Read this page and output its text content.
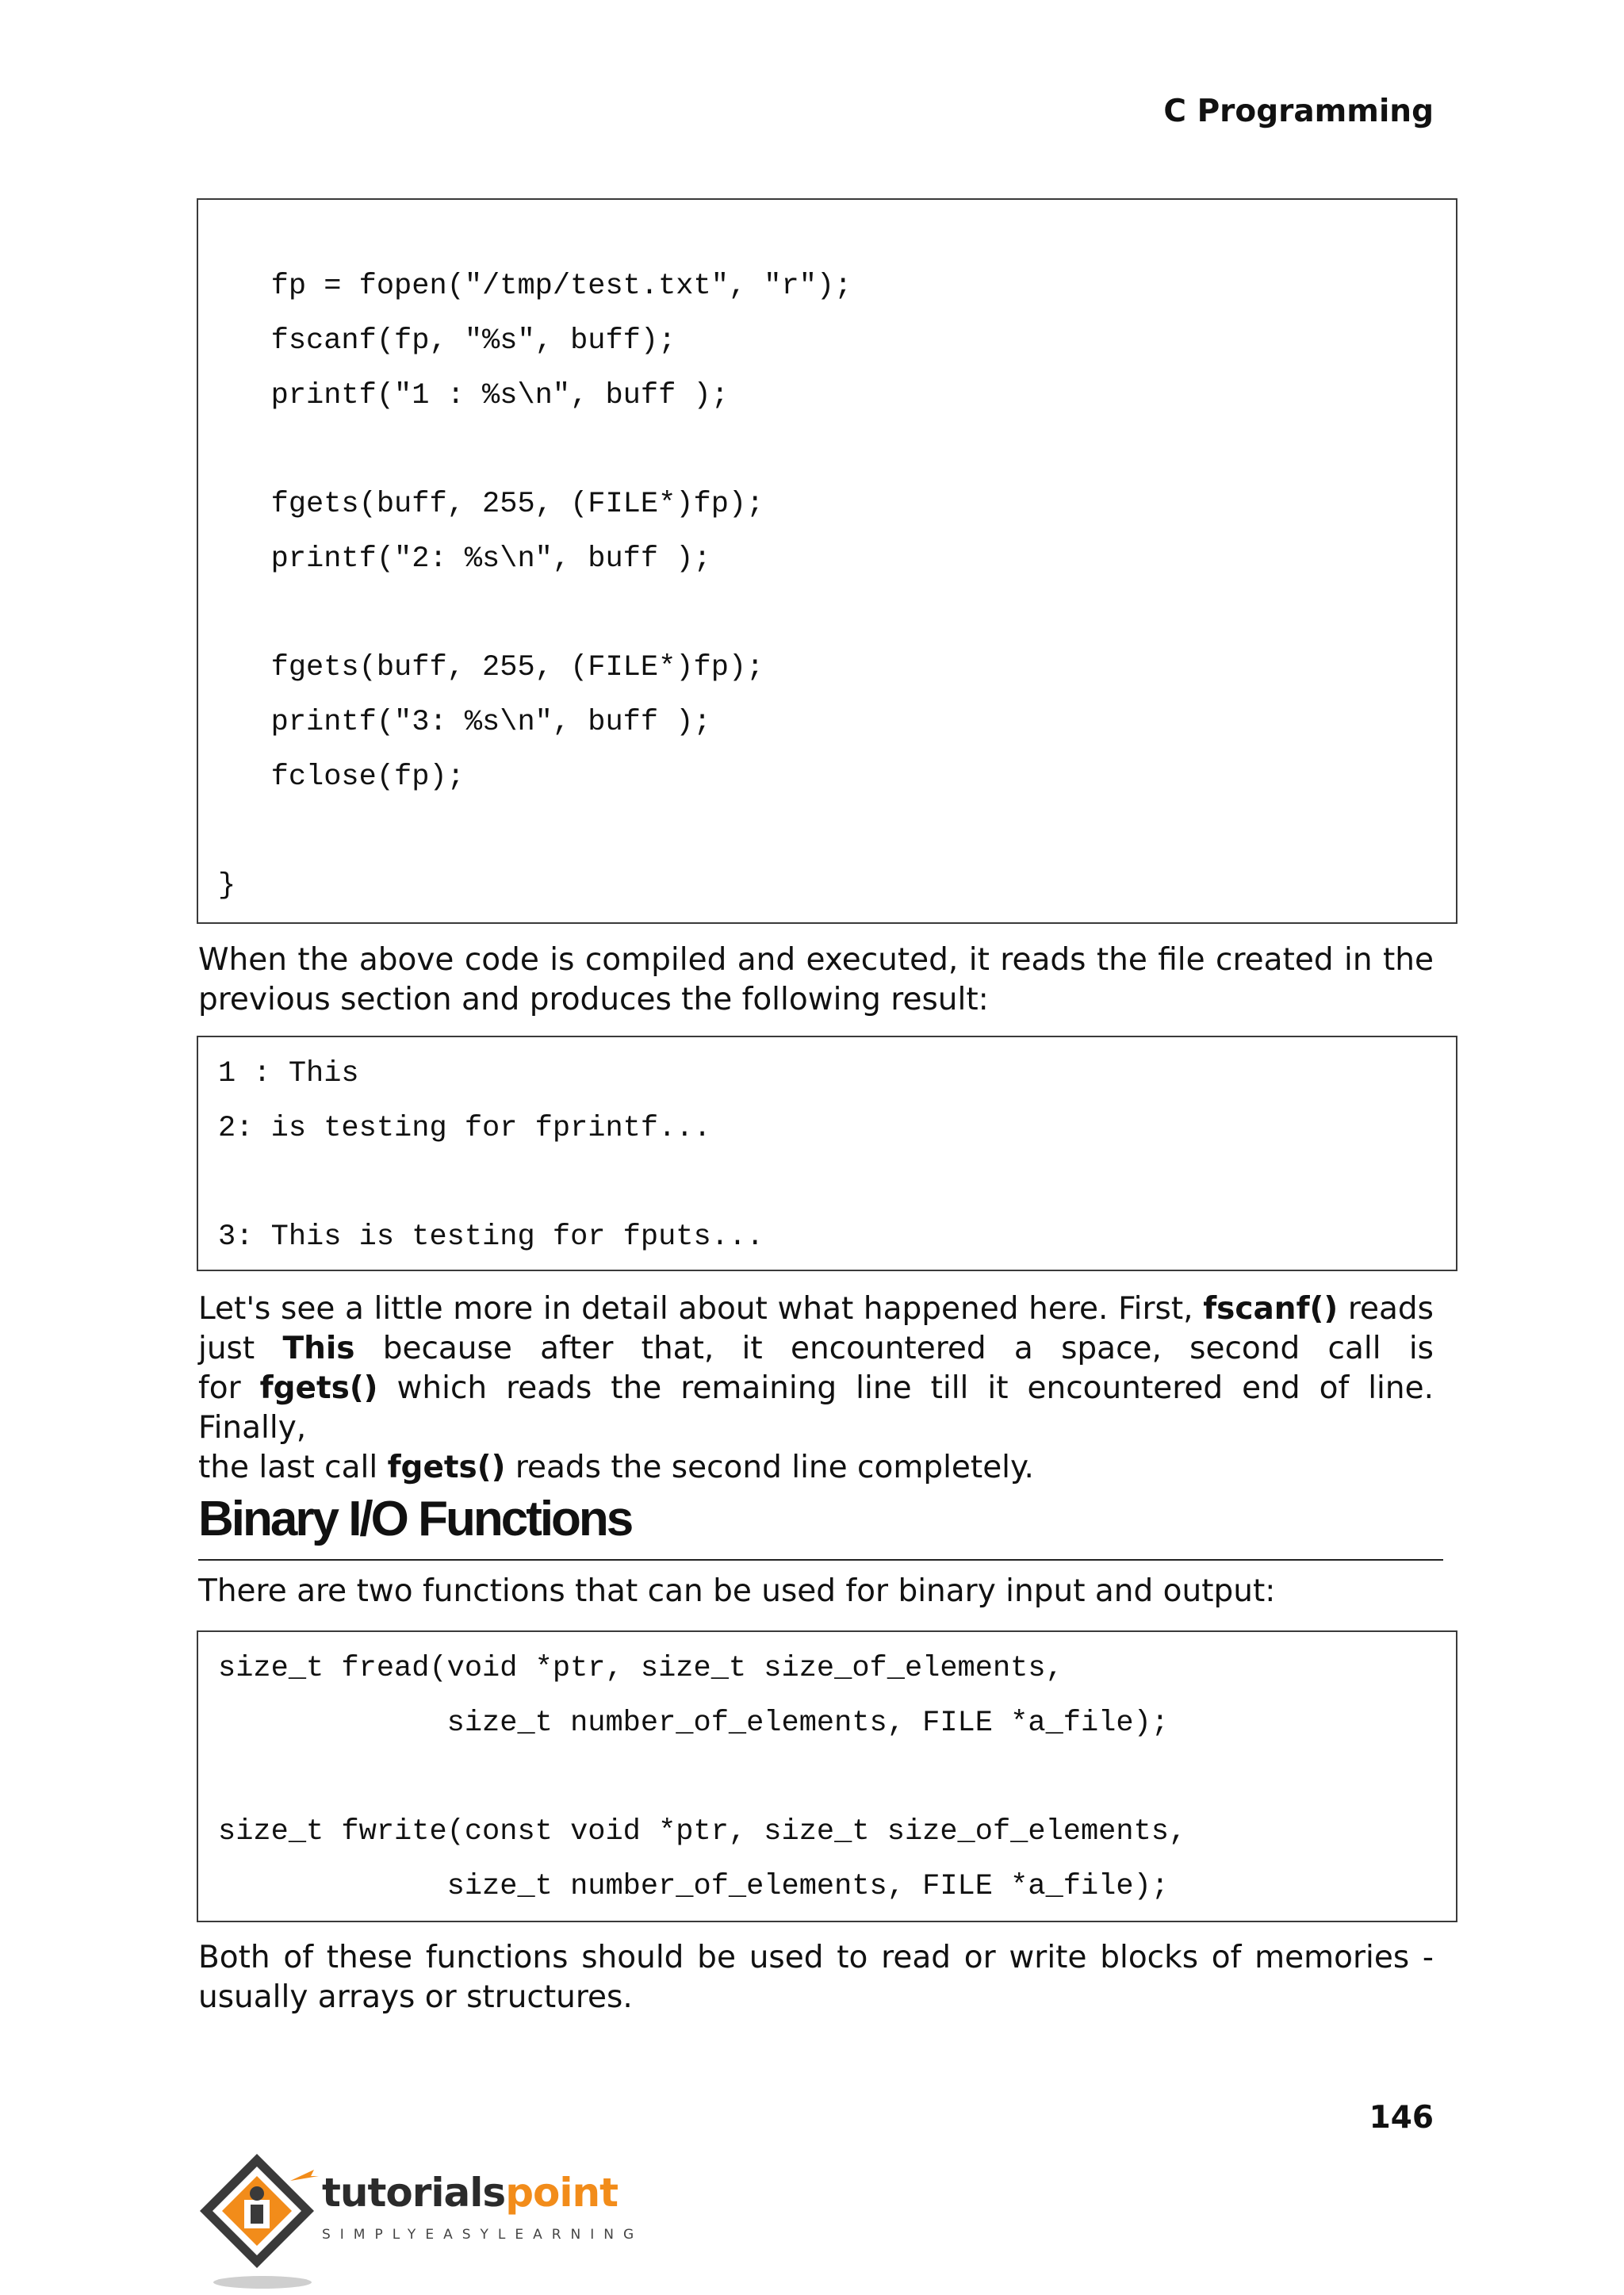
C Programming
fp = fopen("/tmp/test.txt", "r");
fscanf(fp, "%s", buff);
printf("1 : %s\n", buff );
fgets(buff, 255, (FILE*)fp);
printf("2: %s\n", buff );
fgets(buff, 255, (FILE*)fp);
printf("3: %s\n", buff );
fclose(fp);
}
When the above code is compiled and executed, it reads the file created in the
previous section and produces the following result:
1 : This
2: is testing for fprintf...
3: This is testing for fputs...
Let's see a little more in detail about what happened here. First, fscanf() reads
just This because after that, it encountered a space, second call is
for fgets() which reads the remaining line till it encountered end of line. Finally,
the last call fgets() reads the second line completely.
Binary I/O Functions
There are two functions that can be used for binary input and output:
size_t fread(void *ptr, size_t size_of_elements,
size_t number_of_elements, FILE *a_file);
size_t fwrite(const void *ptr, size_t size_of_elements,
size_t number_of_elements, FILE *a_file);
Both of these functions should be used to read or write blocks of memories -
usually arrays or structures.
146
tutorialspoint
SIMPLYEASYLEARNING
